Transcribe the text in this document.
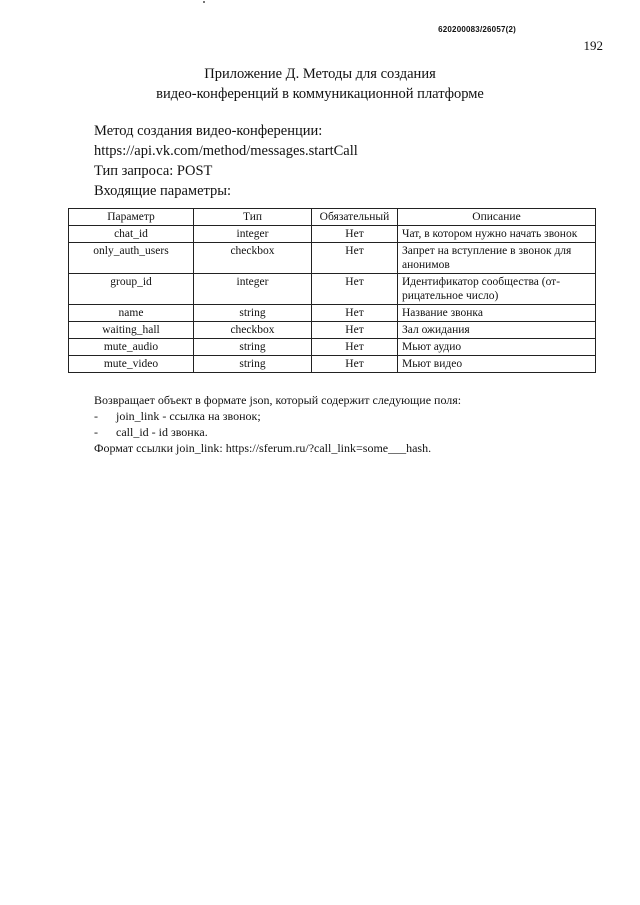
620200083/26057(2)
192
Приложение Д. Методы для создания
видео-конференций в коммуникационной платформе
Метод создания видео-конференции:
https://api.vk.com/method/messages.startCall
Тип запроса: POST
Входящие параметры:
Параметр	Тип	Обязательный	Описание
chat_id	integer	Нет	Чат, в котором нужно начать звонок
only_auth_users	checkbox	Нет	Запрет на вступление в звонок для анонимов
group_id	integer	Нет	Идентификатор сообщества (от-рицательное число)
name	string	Нет	Название звонка
waiting_hall	checkbox	Нет	Зал ожидания
mute_audio	string	Нет	Мьют аудио
mute_video	string	Нет	Мьют видео
Возвращает объект в формате json, который содержит следующие поля:
- join_link - ссылка на звонок;
- call_id - id звонка.
Формат ссылки join_link: https://sferum.ru/?call_link=some___hash.
